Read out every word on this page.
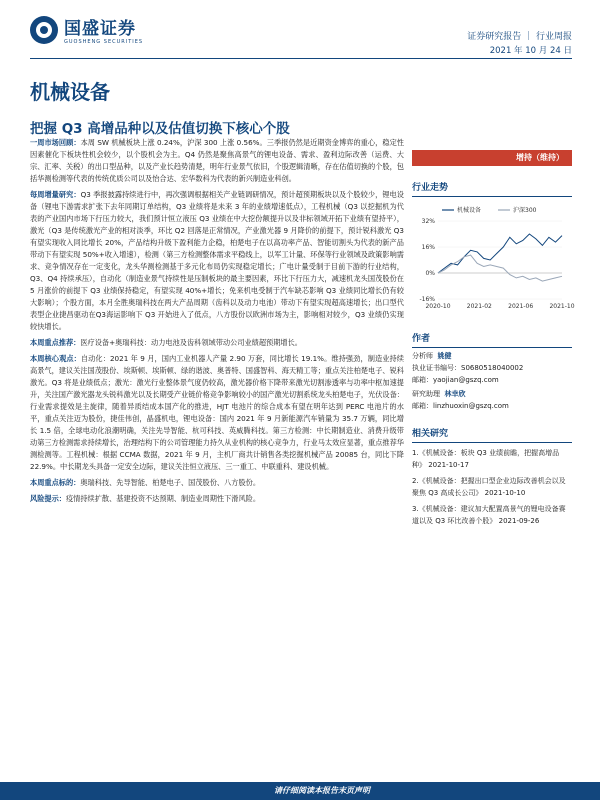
国盛证券
GUOSHENG SECURITIES	证券研究报告 ｜ 行业周报
2021 年 10 月 24 日
机械设备
把握 Q3 高增品种以及估值切换下核心个股

一周市场回顾：本周 SW 机械板块上涨 0.24%，沪深 300 上涨 0.56%。三季报仍然是近期资金博弈的重心，稳定性因素催化下板块性机会较少，以个股机会为主。Q4 仍然是聚焦高景气的锂电设备、需求、盈利边际改善（运费、大宗、汇率、关税）的出口型品种，以及产业长趋势清楚，明年行业景气依旧，个股逻辑清晰，存在估值切换的个股，包括华测检测等代表的传统优质公司以及怡合达、宏华数科为代表的新兴制造业科创。

每周增量研究：Q3 季报披露持续进行中，再次强调根据相关产业链调研情况，预计超预期板块以及个股较少，锂电设备（锂电下游需求扩张下去年同期订单结构，Q3 业绩将是未来 3 年的业绩增速低点），工程机械（Q3 以挖掘机为代表的产业国内市场下行压力较大，我们预计恒立液压 Q3 业绩在中大挖份额提升以及非标领域开拓下业绩有望持平），激光（Q3 是传统激光产业的相对淡季，环比 Q2 回落是正常情况，产业激光器 9 月降价的前提下，预计锐科激光 Q3 有望实现收入同比增长 20%，产品结构升级下盈利能力企稳，柏楚电子在以高功率产品、智能切割头为代表的新产品带动下有望实现 50%+收入增速），检测（第三方检测整体需求平稳线上，以军工计量、环保等行业领域及政策影响需求、竞争情况存在一定变化，龙头华测检测基于多元化布局仍实现稳定增长；广电计量受制于目前下游的行业结构，Q3、Q4 持续承压），自动化（制造业景气持续性是压制板块的最主要因素，环比下行压力大，减速机龙头国茂股份在 5 月涨价的前提下 Q3 业绩保持稳定，有望实现 40%+增长；免来机电受制于汽车缺芯影响 Q3 业绩同比增长仍有较大影响）；个股方面，本月全胜奥瑞科技在两大产品周期（齿科以及动力电池）带动下有望实现超高速增长；出口型代表型企业捷昌驱动在Q3海运影响下 Q3 开始进入了低点，八方股份以欧洲市场为主，影响相对较少，Q3 业绩仍实现较快增长。

本周重点推荐：医疗设备+奥瑞科技：动力电池及齿科领域带动公司业绩超预期增长。

本周核心观点：自动化：2021 年 9 月，国内工业机器人产量 2.90 万套，同比增长 19.1%。维持强劲，制造业持续高景气，建议关注国茂股份、埃斯顿、埃斯顿、绿的谐波、奥普特、国盛智科、海天精工等；重点关注柏楚电子、锐科激光。Q3 将是业绩低点；激光：激光行业整体景气度仍较高，激光器价格下降带来激光切割渗透率与功率中枢加速提升，关注国产激光器龙头锐科激光以及长期受产业链价格竞争影响较小的国产激光切割系统龙头柏楚电子，光伏设备：行业需求提效是主旋律，随着异质结成本国产化的推进，HJT 电池片的综合成本有望在明年达到 PERC 电池片的水平，重点关注迈为股份，捷佳伟创，晶盛机电，锂电设备：国内 2021 年 9 月新能源汽车销量为 35.7 万辆，同比增长 1.5 倍，全球电动化浪潮明确，关注先导智能、杭可科技、英威腾科技。第三方检测：中长期制造业、消费升级带动第三方检测需求持续增长，治理结构下的公司管理能力持久从业机构的核心竞争力，行业马太效应显著，重点推荐华测检测等。工程机械：根据 CCMA 数据，2021 年 9 月，主机厂商共计销售各类挖掘机械产品 20085 台，同比下降 22.9%。中长期龙头具备一定安全边际，建议关注恒立液压、三一重工、中联重科、建设机械。

本周重点标的：奥瑞科技、先导智能、柏楚电子、国茂股份、八方股份。

风险提示：疫情持续扩散、基建投资不达预期、制造业周期性下滑风险。

增持（维持）
行业走势
32%
16%
0%
-16%
2020-10	2021-02	2021-06	2021-10
机械设备	沪深300
作者
分析师 姚健
执业证书编号：S0680518040002
邮箱：yaojian@gszq.com
研究助理 林幸欣
邮箱：linzhuoxin@gszq.com
相关研究
1.《机械设备：板块 Q3 业绩前瞻，把握高增品种》 2021-10-17
2.《机械设备：把握出口型企业边际改善机会以及聚焦 Q3 高成长公司》 2021-10-10
3.《机械设备：建议加大配置高景气的锂电设备赛道以及 Q3 环比改善个股》 2021-09-26
请仔细阅读本报告末页声明
